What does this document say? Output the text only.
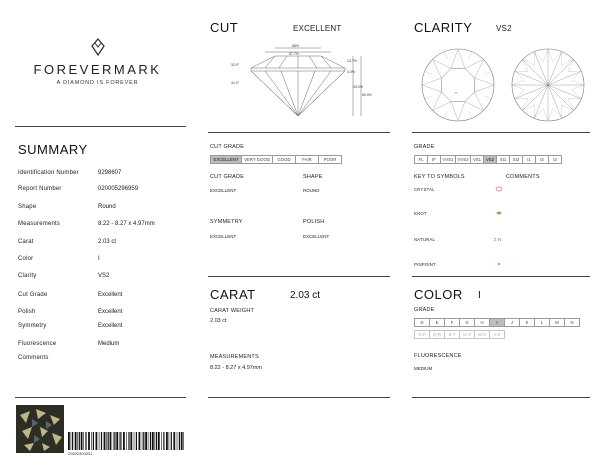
FOREVERMARK
A DIAMOND IS FOREVER
SUMMARY
Identification Number	9298607
Report Number	020005296959
Shape	Round
Measurements	8.22 - 8.27 x 4.97mm
Carat	2.03 ct
Color	I
Clarity	VS2
Cut Grade	Excellent
Polish	Excellent
Symmetry	Excellent
Fluorescence	Medium
Comments
20002300031
CUT	EXCELLENT
58%
57.7%
32.9°
41.0°
13.7%
3.0%
43.2%
60.0%
CUT GRADE
EXCELLENT	VERY GOOD	GOOD	FAIR	POOR
CUT GRADE
EXCELLENT
SHAPE
ROUND
SYMMETRY
EXCELLENT
POLISH
EXCELLENT
CARAT	2.03 ct
CARAT WEIGHT
2.03 ct
MEASUREMENTS
8.22 - 8.27 x 4.97mm
CLARITY	VS2
GRADE
FL	IF	VVS1 VVS2	VS1	VS2	SI1	SI2	I1	I2	I3
KEY TO SYMBOLS	COMMENTS
CRYSTAL
KNOT
NATURAL	Σ N
PINPOINT
COLOR I
GRADE
D	E	F	G	H	I	J	K	L	M	N
O-P	Q-R	S-T	U-V	W-X	Y-Z
FLUORESCENCE
MEDIUM
